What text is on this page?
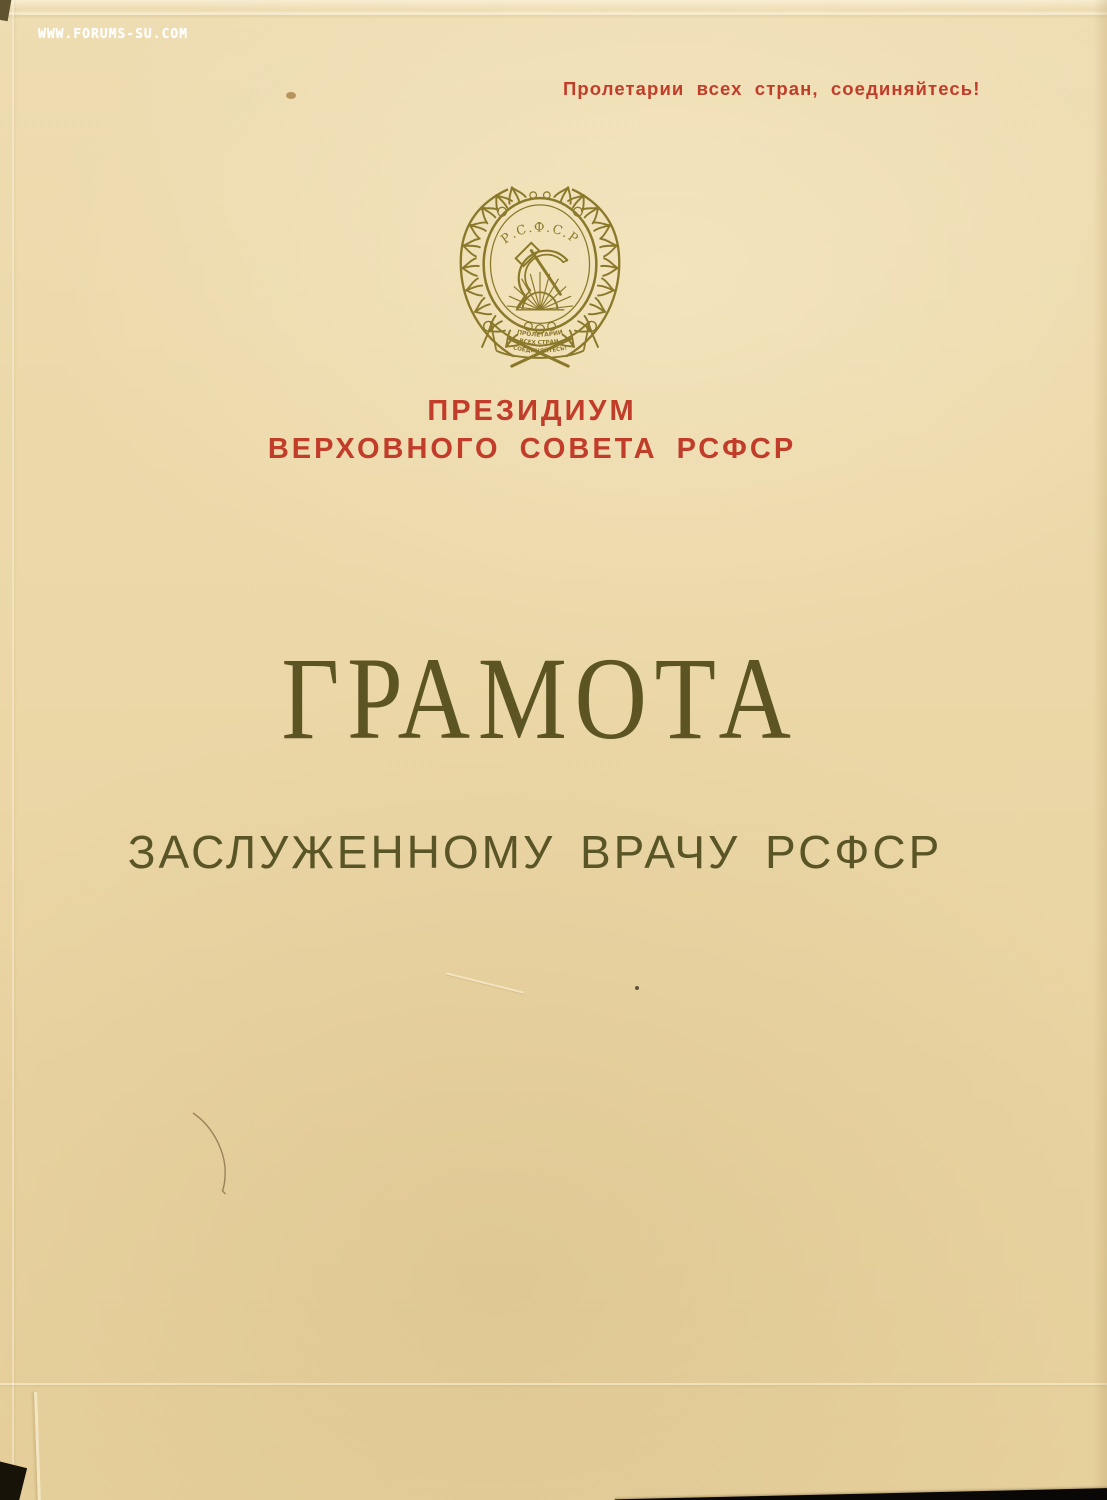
WWW.FORUMS-SU.COM
Пролетарии всех стран, соединяйтесь!
Р.С.Ф.С.Р
ПРОЛЕТАРИИ
ВСЕХ СТРАН,
СОЕДИНЯЙТЕСЬ!
ПРЕЗИДИУМ
ВЕРХОВНОГО СОВЕТА РСФСР
ГРАМОТА
ЗАСЛУЖЕННОМУ ВРАЧУ РСФСР
